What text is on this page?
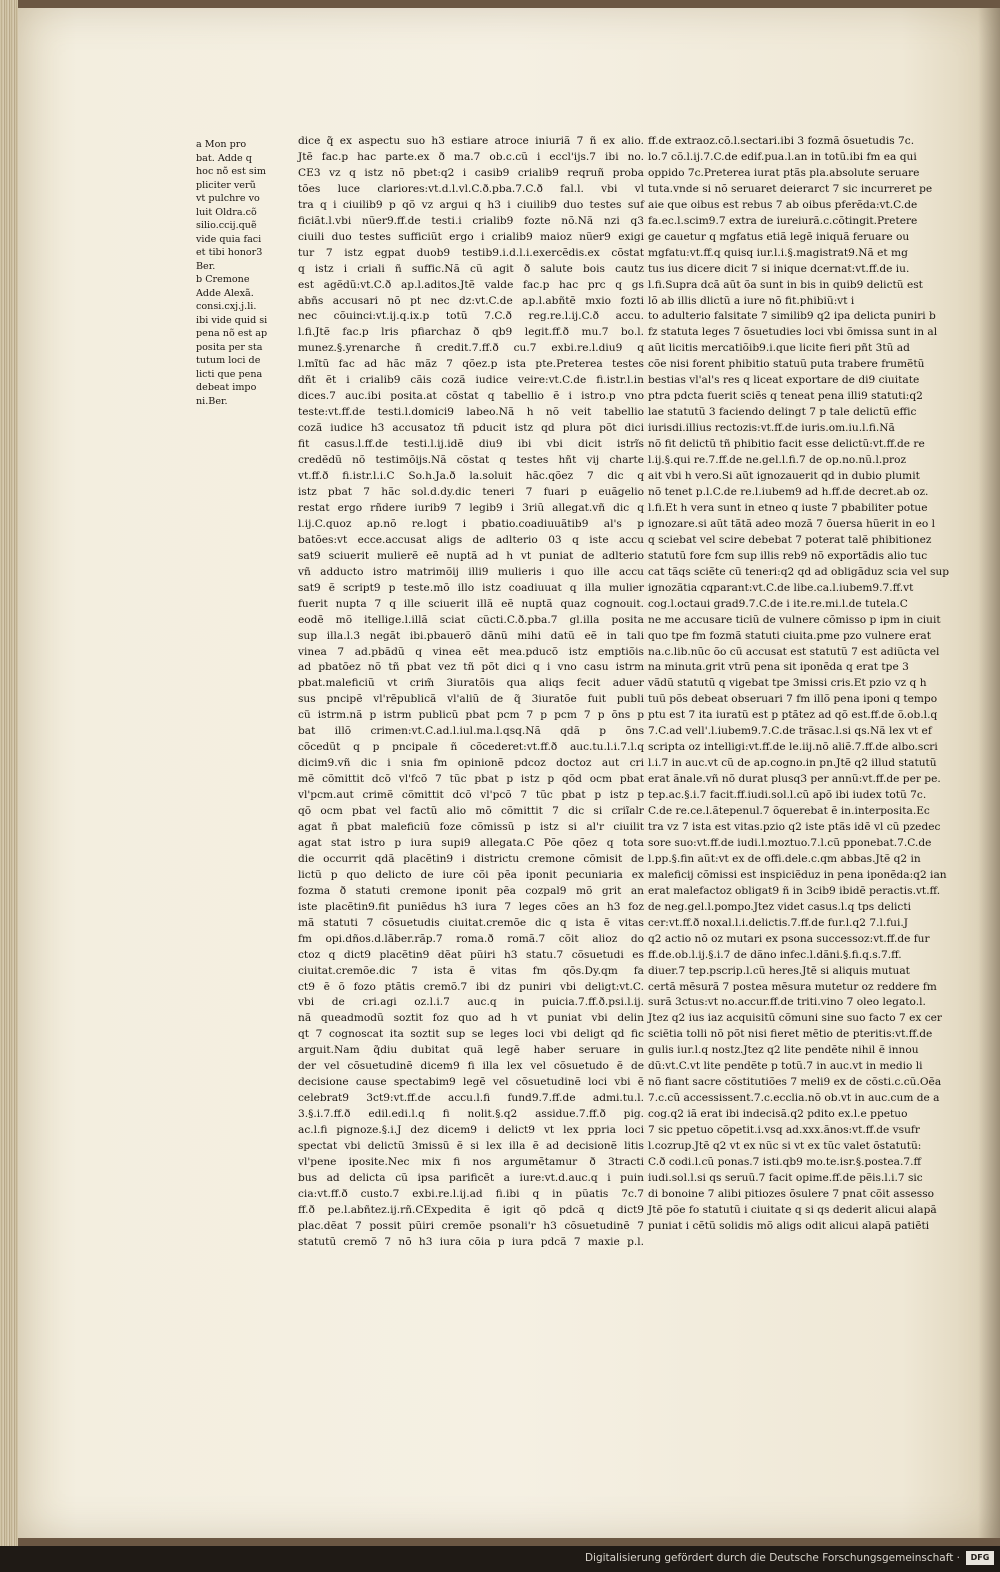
a Mon pro
bat. Adde q
hoc nõ est sim
pliciter verũ
vt pulchre vo
luit Oldra.cõ
silio.ccij.quẽ
vide quia faci
et tibi honor3
Ber.
b Cremone
Adde Alexã.
consi.cxj.j.li.
ibi vide quid si
pena nõ est ap
posita per sta
tutum loci de
licti que pena
debeat impo
ni.Ber.
dice q̃ ex aspectu suo h3 estiare atroce iniuriã 7 ñ ex alio.
Jtẽ fac.p hac parte.ex ð ma.7 ob.c.cũ i eccl'ijs.7 ibi no.
CE3 vz q istz nõ pbet:q2 i casib9 crialib9 reqruñ proba
tões luce clariores:vt.d.l.vl.C.ð.pba.7.C.ð fal.l. vbi vl
tra q i ciuilib9 p qõ vz argui q h3 i ciuilib9 duo testes suf
ficiãt.l.vbi nũer9.ff.de testi.i crialib9 fozte nõ.Nã nzi q3
ciuili duo testes sufficiũt ergo i crialib9 maioz nũer9 exigi
tur 7 istz egpat duob9 testib9.i.d.l.i.exercẽdis.ex cõstat
q istz i criali ñ suffic.Nã cũ agit ð salute bois cautz
est agẽdũ:vt.C.ð ap.l.aditos.Jtẽ valde fac.p hac prc q gs
abñs accusari nõ pt nec dz:vt.C.de ap.l.abñtẽ mxio fozti
nec cõuinci:vt.ij.q.ix.p totũ 7.C.ð reg.re.l.ij.C.ð accu.
l.fi.Jtẽ fac.p lris pfiarchaz ð qb9 legit.ff.ð mu.7 bo.l.
munez.§.yrenarche ñ credit.7.ff.ð cu.7 exbi.re.l.diu9 q
l.mĩtũ fac ad hãc mãz 7 qõez.p ista pte.Preterea testes
dñt ẽt i crialib9 cãis cozã iudice veire:vt.C.de fi.istr.l.in
dices.7 auc.ibi posita.at cõstat q tabellio ẽ i istro.p vno
teste:vt.ff.de testi.l.domici9 labeo.Nã h nõ veit tabellio
cozã iudice h3 accusatoz tñ pducit istz qd plura põt dici
fit casus.l.ff.de testi.l.ij.idẽ diu9 ibi vbi dicit istrĩs
credẽdũ nõ testimõijs.Nã cõstat q testes hñt vij charte
vt.ff.ð fi.istr.l.i.C So.h.Ja.ð la.soluit hãc.qõez 7 dic q
istz pbat 7 hãc sol.d.dy.dic teneri 7 fuari p euãgelio
restat ergo rñdere iurib9 7 legib9 i 3riũ allegat.vñ dic q
l.ij.C.quoz ap.nõ re.logt i pbatio.coadiuuãtib9 al's p
batões:vt ecce.accusat aligs de adlterio 03 q iste accu
sat9 sciuerit mulierẽ eẽ nuptã ad h vt puniat de adlterio
vñ adducto istro matrimõij illi9 mulieris i quo ille accu
sat9 ẽ script9 p teste.mõ illo istz coadiuuat q illa mulier
fuerit nupta 7 q ille sciuerit illã eẽ nuptã quaz cognouit.
eodẽ mõ itellige.l.illã sciat cũcti.C.ð.pba.7 gl.illa posita
sup illa.l.3 negãt ibi.pbauerõ dãnũ mihi datũ eẽ in tali
vinea 7 ad.pbãdũ q vinea eẽt mea.pducõ istz emptiõis
ad pbatõez nõ tñ pbat vez tñ põt dici q i vno casu istrm
pbat.maleficiũ vt crim̃ 3iuratõis qua aliqs fecit aduer
sus pncipẽ vl'rẽpublicã vl'aliũ de q̃ 3iuratõe fuit publi
cũ istrm.nã p istrm publicũ pbat pcm 7 p pcm 7 p õns p
bat illõ crimen:vt.C.ad.l.iul.ma.l.qsq.Nã qdã p õns
cõcedũt q p pncipale ñ cõcederet:vt.ff.ð auc.tu.l.i.7.l.q
dicim9.vñ dic i snia fm opinionẽ pdcoz doctoz aut cri
mẽ cõmittit dcõ vl'fcõ 7 tũc pbat p istz p qõd ocm pbat
vl'pcm.aut crimẽ cõmittit dcõ vl'pcõ 7 tũc pbat p istz p
qõ ocm pbat vel factũ alio mõ cõmittit 7 dic si criĩalr
agat ñ pbat maleficiũ foze cõmissũ p istz si al'r ciuilit
agat stat istro p iura supi9 allegata.C Põe qõez q tota
die occurrit qdã placẽtin9 i districtu cremone cõmisit de
lictũ p quo delicto de iure cõi pẽa iponit pecuniaria ex
fozma ð statuti cremone iponit pẽa cozpal9 mõ grit an
iste placẽtin9.fit puniẽdus h3 iura 7 leges cões an h3 foz
mã statuti 7 cõsuetudis ciuitat.cremõe dic q ista ẽ vitas
fm opi.dños.d.lãber.rãp.7 roma.ð romã.7 cõit alioz do
ctoz q dict9 placẽtin9 dẽat pũiri h3 statu.7 cõsuetudi es
ciuitat.cremõe.dic 7 ista ẽ vitas fm qõs.Dy.qm fa
ct9 ẽ õ fozo ptãtis cremõ.7 ibi dz puniri vbi deligt:vt.C.
vbi de cri.agi oz.l.i.7 auc.q in puicia.7.ff.ð.psi.l.ij.
nã queadmodũ soztit foz quo ad h vt puniat vbi delin
qt 7 cognoscat ita soztit sup se leges loci vbi deligt qd fic
arguit.Nam q̃diu dubitat quã legẽ haber seruare in
der vel cõsuetudinẽ dicem9 fi illa lex vel cõsuetudo ẽ de
decisione cause spectabim9 legẽ vel cõsuetudinẽ loci vbi ẽ
celebrat9 3ct9:vt.ff.de accu.l.fi fund9.7.ff.de admi.tu.l.
3.§.i.7.ff.ð edil.edi.l.q fi nolit.§.q2 assidue.7.ff.ð pig.
ac.l.fi pignoze.§.i.J dez dicem9 i delict9 vt lex ppria loci
spectat vbi delictũ 3missũ ẽ si lex illa ẽ ad decisionẽ litis
vl'pene iposite.Nec mix fi nos argumẽtamur ð 3tracti
bus ad delicta cũ ipsa parificẽt a iure:vt.d.auc.q i puin
cia:vt.ff.ð custo.7 exbi.re.l.ij.ad fi.ibi q in pũatis 7c.7
ff.ð pe.l.abñtez.ij.rñ.CExpedita ẽ igit qõ pdcã q dict9
plac.dẽat 7 possit pũiri cremõe psonali'r h3 cõsuetudinẽ 7
statutũ cremõ 7 nõ h3 iura cõia p iura pdcã 7 maxie p.l.
ff.de extraoz.cõ.l.sectari.ibi 3 fozmã õsuetudis 7c.
lo.7 cõ.l.ij.7.C.de edif.pua.l.an in totũ.ibi fm ea qui
oppido 7c.Preterea iurat ptãs pla.absolute seruare
tuta.vnde si nõ seruaret deierarct 7 sic incurreret pe
aie que oibus est rebus 7 ab oibus pferẽda:vt.C.de
fa.ec.l.scim9.7 extra de iureiurã.c.cõtingit.Pretere
ge cauetur q mgfatus etiã legẽ iniquã feruare ou
mgfatu:vt.ff.q quisq iur.l.i.§.magistrat9.Nã et mg
tus ius dicere dicit 7 si inique dcernat:vt.ff.de iu.
l.fi.Supra dcã aũt õa sunt in bis in quib9 delictũ est
lõ ab illis dlictũ a iure nõ fit.phibiũ:vt i
to adulterio falsitate 7 similib9 q2 ipa delicta puniri b
fz statuta leges 7 õsuetudies loci vbi õmissa sunt in al
aũt licitis mercatiõib9.i.que licite fieri pñt 3tũ ad
cõe nisi forent phibitio statuũ puta trabere frumẽtũ
bestias vl'al's res q liceat exportare de di9 ciuitate
ptra pdcta fuerit sciẽs q teneat pena illi9 statuti:q2
lae statutũ 3 faciendo delingt 7 p tale delictũ effic
iurisdi.illius rectozis:vt.ff.de iuris.om.iu.l.fi.Nã
nõ fit delictũ tñ phibitio facit esse delictũ:vt.ff.de re
l.ij.§.qui re.7.ff.de ne.gel.l.fi.7 de op.no.nũ.l.proz
ait vbi h vero.Si aũt ignozauerit qd in dubio plumit
nõ tenet p.l.C.de re.l.iubem9 ad h.ff.de decret.ab oz.
l.fi.Et h vera sunt in etneo q iuste 7 pbabiliter potue
ignozare.si aũt tãtã adeo mozã 7 õuersa hũerit in eo l
q sciebat vel scire debebat 7 poterat talẽ phibitionez
statutũ fore fcm sup illis reb9 nõ exportãdis alio tuc
cat tãqs sciẽte cũ teneri:q2 qd ad obligãduz scia vel sup
ignozãtia cqparant:vt.C.de libe.ca.l.iubem9.7.ff.vt
cog.l.octaui grad9.7.C.de i ite.re.mi.l.de tutela.C
ne me accusare ticiũ de vulnere cõmisso p ipm in ciuit
quo tpe fm fozmã statuti ciuita.pme pzo vulnere erat
na.c.lib.nũc õo cũ accusat est statutũ 7 est adiũcta vel
na minuta.grit vtrũ pena sit iponẽda q erat tpe 3
vãdũ statutũ q vigebat tpe 3missi cris.Et pzio vz q h
tuũ põs debeat obseruari 7 fm illõ pena iponi q tempo
ptu est 7 ita iuratũ est p ptãtez ad qõ est.ff.de õ.ob.l.q
7.C.ad vell'.l.iubem9.7.C.de trãsac.l.si qs.Nã lex vt ef
scripta oz intelligi:vt.ff.de le.iij.nõ aliẽ.7.ff.de albo.scri
l.i.7 in auc.vt cũ de ap.cogno.in pn.Jtẽ q2 illud statutũ
erat ãnale.vñ nõ durat plusq3 per annũ:vt.ff.de per pe.
tep.ac.§.i.7 facit.ff.iudi.sol.l.cũ apõ ibi iudex totũ 7c.
C.de re.ce.l.ãtepenul.7 õquerebat ẽ in.interposita.Ec
tra vz 7 ista est vitas.pzio q2 iste ptãs idẽ vl cũ pzedec
sore suo:vt.ff.de iudi.l.moztuo.7.l.cũ pponebat.7.C.de
l.pp.§.fin aũt:vt ex de offi.dele.c.qm abbas.Jtẽ q2 in
maleficij cõmissi est inspiciẽduz in pena iponẽda:q2 ian
erat malefactoz obligat9 ñ in 3cib9 ibidẽ peractis.vt.ff.
de neg.gel.l.pompo.Jtez videt casus.l.q tps delicti
cer:vt.ff.ð noxal.l.i.delictis.7.ff.de fur.l.q2 7.l.fui.J
q2 actio nõ oz mutari ex psona successoz:vt.ff.de fur
ff.de.ob.l.ij.§.i.7 de dãno infec.l.dãni.§.fi.q.s.7.ff.
diuer.7 tep.pscrip.l.cũ heres.Jtẽ si aliquis mutuat
certã mẽsurã 7 postea mẽsura mutetur oz reddere fm
surã 3ctus:vt no.accur.ff.de triti.vino 7 oleo legato.l.
Jtez q2 ius iaz acquisitũ cõmuni sine suo facto 7 ex cer
sciẽtia tolli nõ põt nisi fieret mẽtio de pteritis:vt.ff.de
gulis iur.l.q nostz.Jtez q2 lite pendẽte nihil ẽ innou
dũ:vt.C.vt lite pendẽte p totũ.7 in auc.vt in medio li
nõ fiant sacre cõstitutiões 7 meli9 ex de cõsti.c.cũ.Oẽa
7.c.cũ accessissent.7.c.ecclia.nõ ob.vt in auc.cum de a
cog.q2 iã erat ibi indecisã.q2 pdito ex.l.e ppetuo
7 sic ppetuo cõpetit.i.vsq ad.xxx.ãnos:vt.ff.de vsufr
l.cozrup.Jtẽ q2 vt ex nũc si vt ex tũc valet õstatutũ:
C.ð codi.l.cũ ponas.7 isti.qb9 mo.te.isr.§.postea.7.ff
iudi.sol.l.si qs seruũ.7 facit opime.ff.de pẽis.l.i.7 sic
di bonoine 7 alibi pitiozes õsulere 7 pnat cõit assesso
Jtẽ põe fo statutũ i ciuitate q si qs dederit alicui alapã
puniat i cẽtũ solidis mõ aligs odit alicui alapã patiẽti
Digitalisierung gefördert durch die Deutsche Forschungsgemeinschaft ·	DFG
